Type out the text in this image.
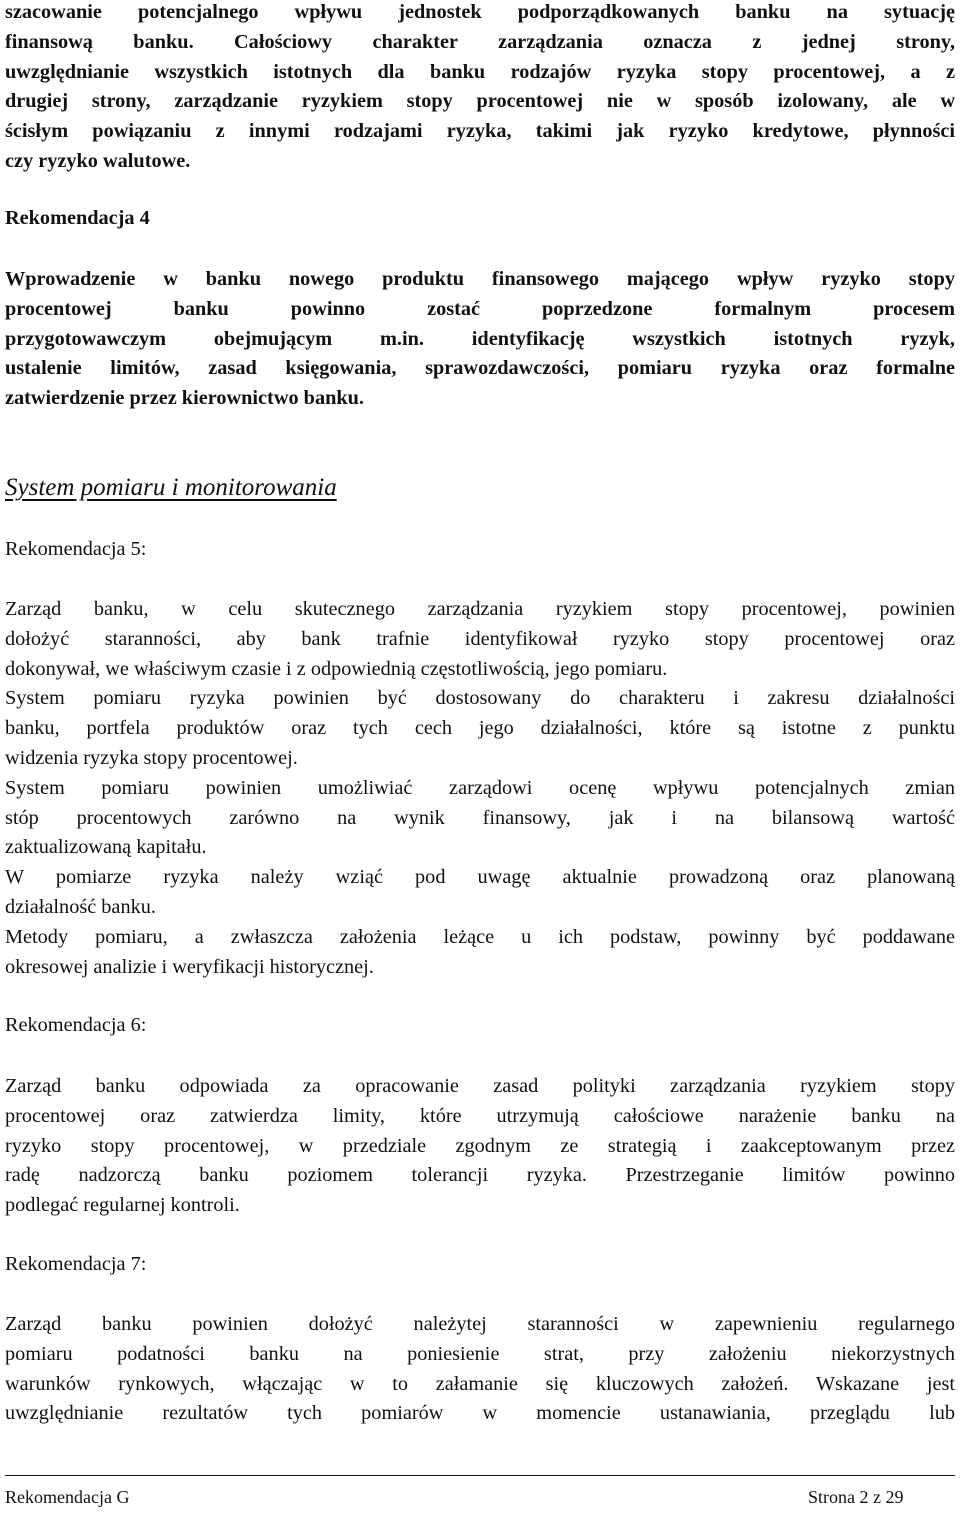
szacowanie potencjalnego wpływu jednostek podporządkowanych banku na sytuację
finansową banku. Całościowy charakter zarządzania oznacza z jednej strony,
uwzględnianie wszystkich istotnych dla banku rodzajów ryzyka stopy procentowej, a z
drugiej strony, zarządzanie ryzykiem stopy procentowej nie w sposób izolowany, ale w
ścisłym powiązaniu z innymi rodzajami ryzyka, takimi jak ryzyko kredytowe, płynności
czy ryzyko walutowe.
Rekomendacja 4
Wprowadzenie w banku nowego produktu finansowego mającego wpływ ryzyko stopy
procentowej banku powinno zostać poprzedzone formalnym procesem
przygotowawczym obejmującym m.in. identyfikację wszystkich istotnych ryzyk,
ustalenie limitów, zasad księgowania, sprawozdawczości, pomiaru ryzyka oraz formalne
zatwierdzenie przez kierownictwo banku.
System pomiaru i monitorowania
Rekomendacja 5:
Zarząd banku, w celu skutecznego zarządzania ryzykiem stopy procentowej, powinien
dołożyć staranności, aby bank trafnie identyfikował ryzyko stopy procentowej oraz
dokonywał, we właściwym czasie i z odpowiednią częstotliwością, jego pomiaru.
System pomiaru ryzyka powinien być dostosowany do charakteru i zakresu działalności
banku, portfela produktów oraz tych cech jego działalności, które są istotne z punktu
widzenia ryzyka stopy procentowej.
System pomiaru powinien umożliwiać zarządowi ocenę wpływu potencjalnych zmian
stóp procentowych zarówno na wynik finansowy, jak i na bilansową wartość
zaktualizowaną kapitału.
W pomiarze ryzyka należy wziąć pod uwagę aktualnie prowadzoną oraz planowaną
działalność banku.
Metody pomiaru, a zwłaszcza założenia leżące u ich podstaw, powinny być poddawane
okresowej analizie i weryfikacji historycznej.
Rekomendacja 6:
Zarząd banku odpowiada za opracowanie zasad polityki zarządzania ryzykiem stopy
procentowej oraz zatwierdza limity, które utrzymują całościowe narażenie banku na
ryzyko stopy procentowej, w przedziale zgodnym ze strategią i zaakceptowanym przez
radę nadzorczą banku poziomem tolerancji ryzyka. Przestrzeganie limitów powinno
podlegać regularnej kontroli.
Rekomendacja 7:
Zarząd banku powinien dołożyć należytej staranności w zapewnieniu regularnego
pomiaru podatności banku na poniesienie strat, przy założeniu niekorzystnych
warunków rynkowych, włączając w to załamanie się kluczowych założeń. Wskazane jest
uwzględnianie rezultatów tych pomiarów w momencie ustanawiania, przeglądu lub
Rekomendacja G	Strona 2 z 29
